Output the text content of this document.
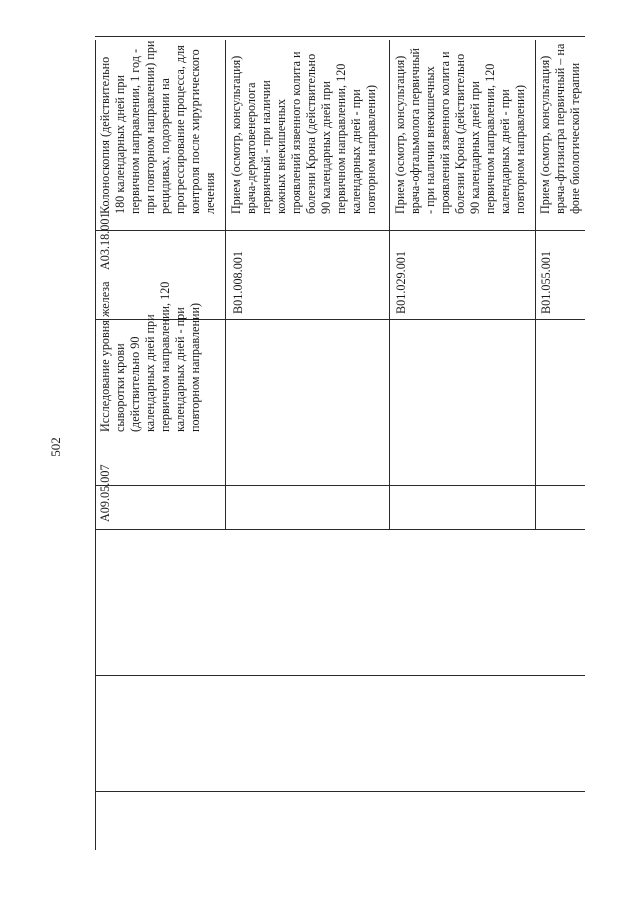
502
A09.05.007
Исследование уровня железа сыворотки крови (действительно 90 календарных дней при первичном направлении, 120 календарных дней - при повторном направлении)
A03.18.001
Колоноскопия (действительно 180 календарных дней при первичном направлении, 1 год - при повторном направлении) при рецидивах, подозрении на прогрессирование процесса, для контроля после хирургического лечения
B01.008.001
Прием (осмотр, консультация) врача-дерматовенеролога первичный - при наличии кожных внекишечных проявлений язвенного колита и болезни Крона (действительно 90 календарных дней при первичном направлении, 120 календарных дней - при повторном направлении)
B01.029.001
Прием (осмотр, консультация) врача-офтальмолога первичный - при наличии внекишечных проявлений язвенного колита и болезни Крона (действительно 90 календарных дней при первичном направлении, 120 календарных дней - при повторном направлении)
B01.055.001
Прием (осмотр, консультация) врача-фтизиатра первичный – на фоне биологической терапии
